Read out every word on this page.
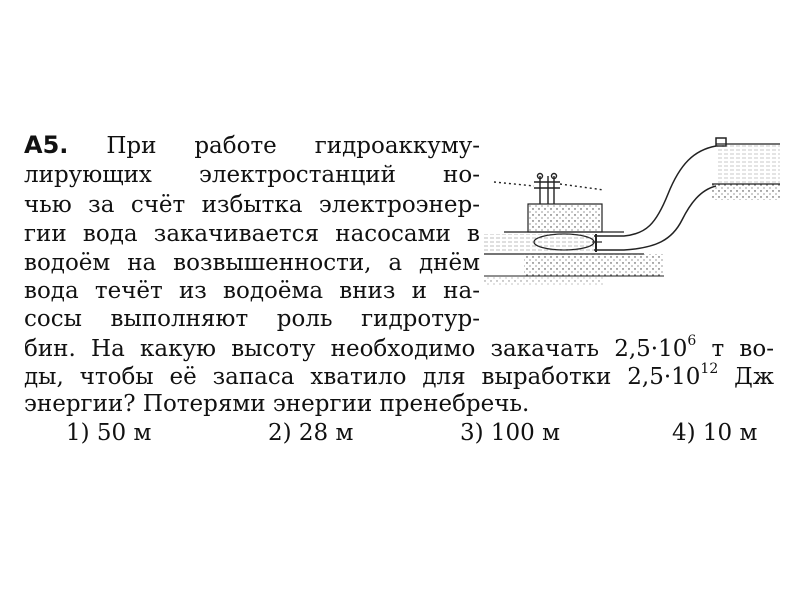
А5. При работе гидроаккуму-
лирующих электростанций но-
чью за счёт избытка электроэнер-
гии вода закачивается насосами в
водоём на возвышенности, а днём
вода течёт из водоёма вниз и на-
сосы выполняют роль гидротур-
бин. На какую высоту необходимо закачать $2,5\cdot 10^6$ т во-
ды, чтобы её запаса хватило для выработки $2,5\cdot 10^{12}$ Дж
энергии? Потерями энергии пренебречь.
1) 50 м	2) 28 м	3) 100 м	4) 10 м
